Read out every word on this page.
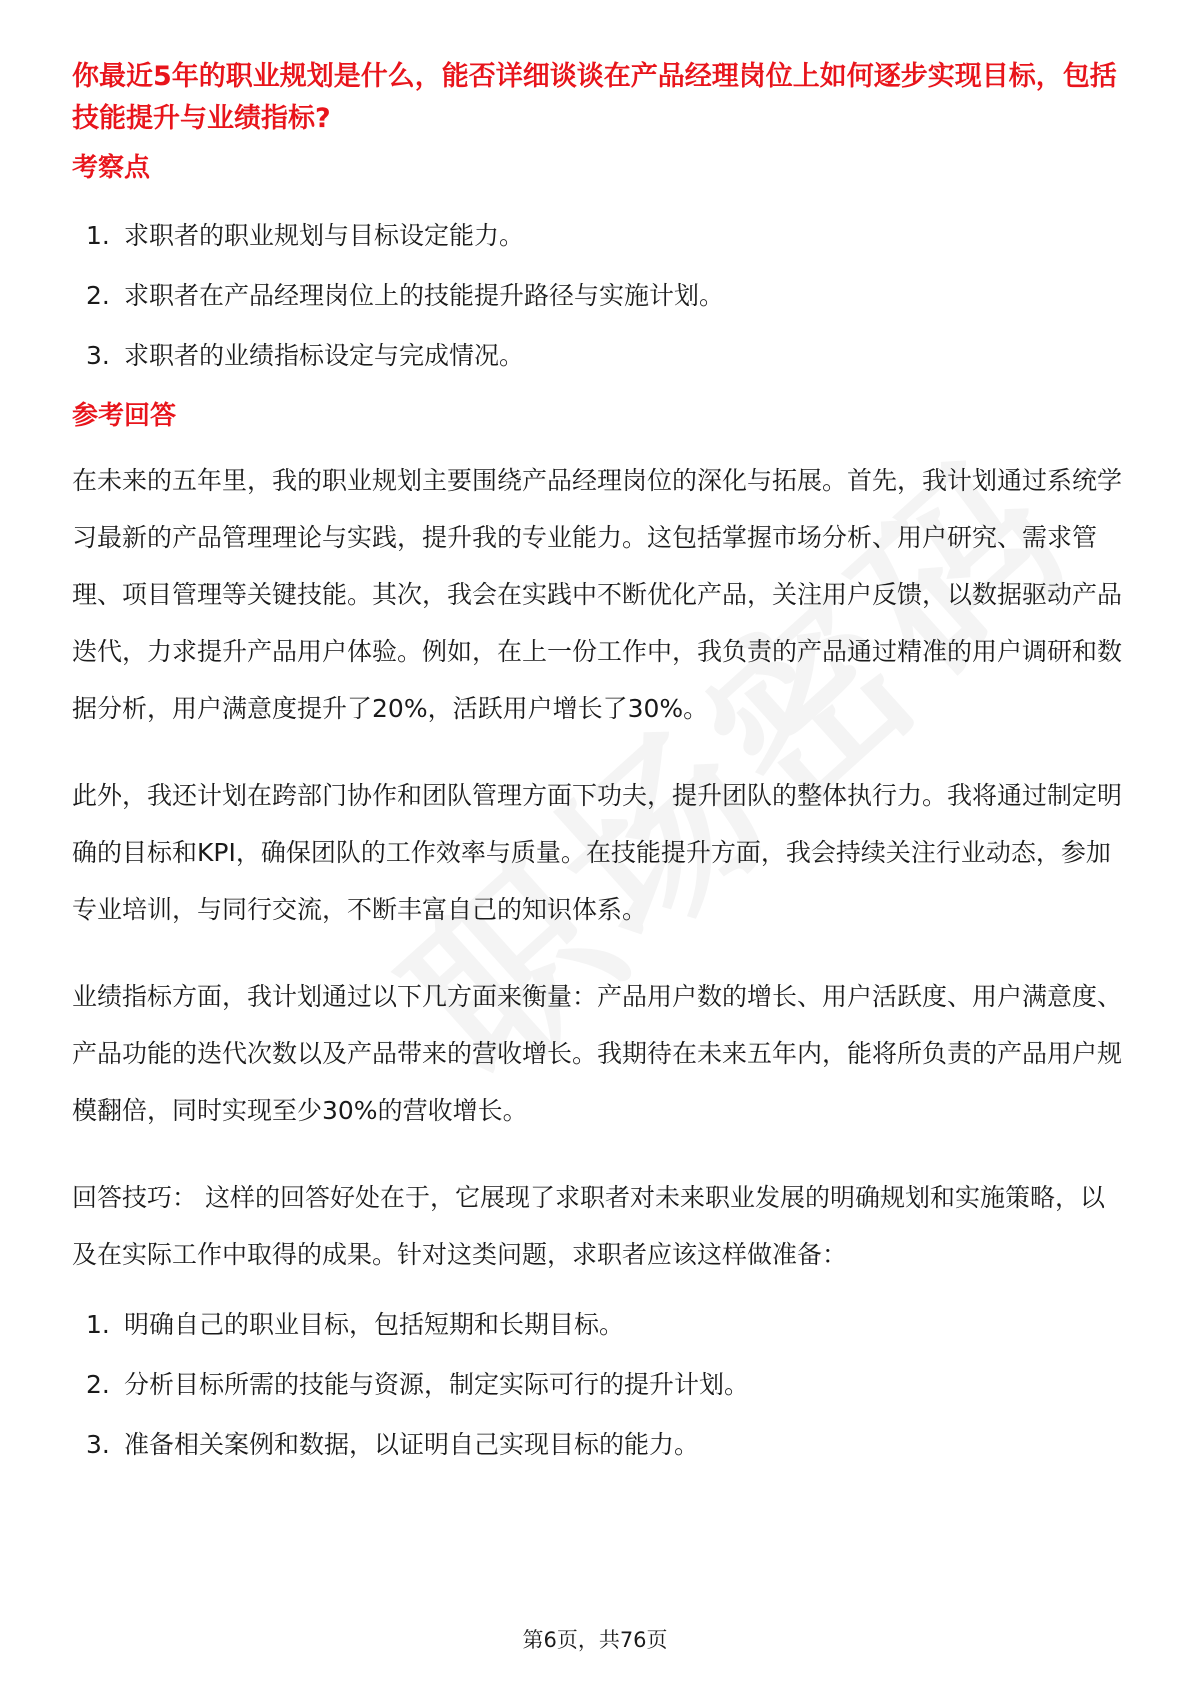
你最近5年的职业规划是什么，能否详细谈谈在产品经理岗位上如何逐步实现目标，包括技能提升与业绩指标?

考察点

1. 求职者的职业规划与目标设定能力。
2. 求职者在产品经理岗位上的技能提升路径与实施计划。
3. 求职者的业绩指标设定与完成情况。

参考回答

在未来的五年里，我的职业规划主要围绕产品经理岗位的深化与拓展。首先，我计划通过系统学习最新的产品管理理论与实践，提升我的专业能力。这包括掌握市场分析、用户研究、需求管理、项目管理等关键技能。其次，我会在实践中不断优化产品，关注用户反馈，以数据驱动产品迭代，力求提升产品用户体验。例如，在上一份工作中，我负责的产品通过精准的用户调研和数据分析，用户满意度提升了20%，活跃用户增长了30%。

此外，我还计划在跨部门协作和团队管理方面下功夫，提升团队的整体执行力。我将通过制定明确的目标和KPI，确保团队的工作效率与质量。在技能提升方面，我会持续关注行业动态，参加专业培训，与同行交流，不断丰富自己的知识体系。

业绩指标方面，我计划通过以下几方面来衡量：产品用户数的增长、用户活跃度、用户满意度、产品功能的迭代次数以及产品带来的营收增长。我期待在未来五年内，能将所负责的产品用户规模翻倍，同时实现至少30%的营收增长。

回答技巧： 这样的回答好处在于，它展现了求职者对未来职业发展的明确规划和实施策略，以及在实际工作中取得的成果。针对这类问题，求职者应该这样做准备：

1. 明确自己的职业目标，包括短期和长期目标。
2. 分析目标所需的技能与资源，制定实际可行的提升计划。
3. 准备相关案例和数据，以证明自己实现目标的能力。
第6页，共76页
